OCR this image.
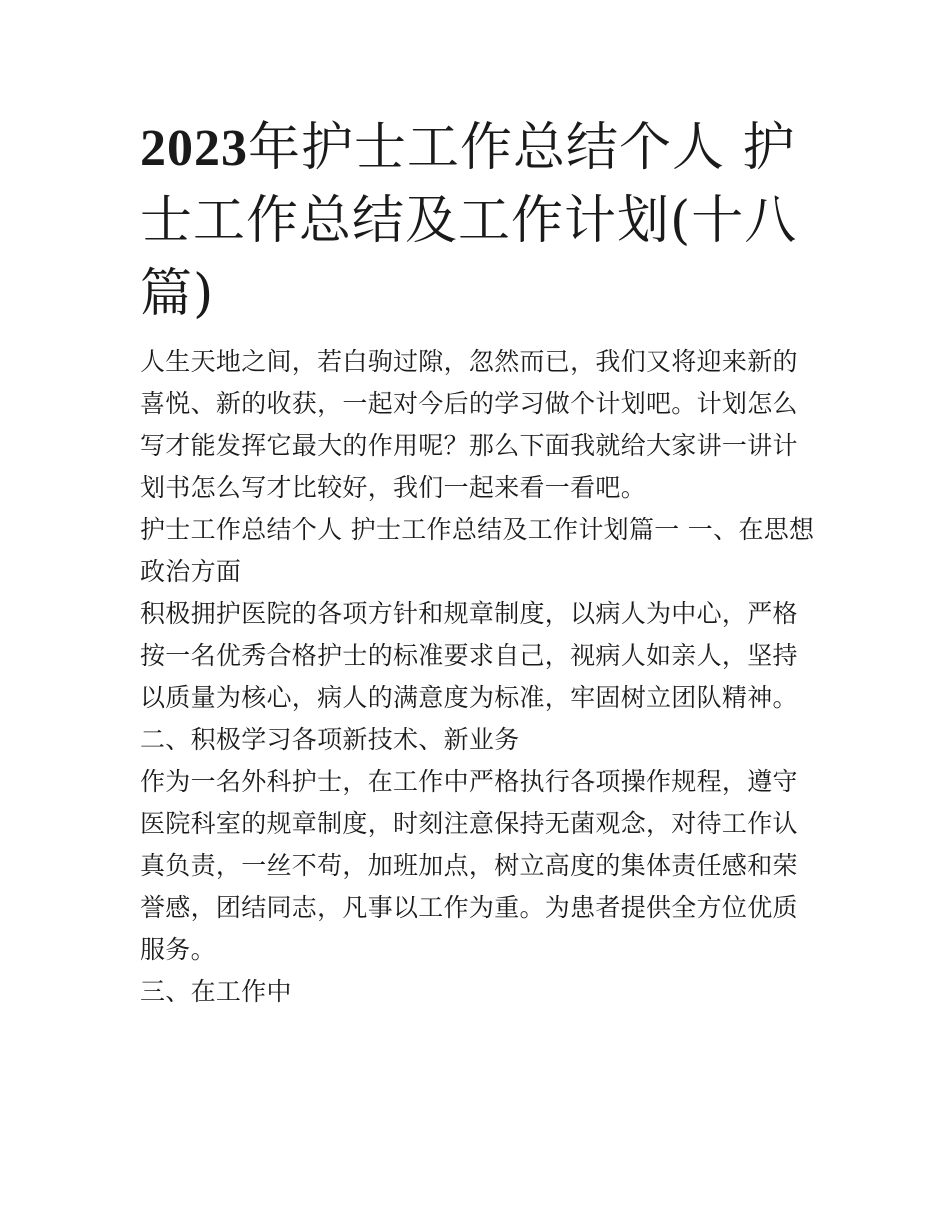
2023年护士工作总结个人 护士工作总结及工作计划(十八篇)

人生天地之间，若白驹过隙，忽然而已，我们又将迎来新的喜悦、新的收获，一起对今后的学习做个计划吧。计划怎么写才能发挥它最大的作用呢？那么下面我就给大家讲一讲计划书怎么写才比较好，我们一起来看一看吧。

护士工作总结个人 护士工作总结及工作计划篇一 一、在思想政治方面

积极拥护医院的各项方针和规章制度，以病人为中心，严格按一名优秀合格护士的标准要求自己，视病人如亲人，坚持以质量为核心，病人的满意度为标准，牢固树立团队精神。

二、积极学习各项新技术、新业务

作为一名外科护士，在工作中严格执行各项操作规程，遵守医院科室的规章制度，时刻注意保持无菌观念，对待工作认真负责，一丝不苟，加班加点，树立高度的集体责任感和荣誉感，团结同志，凡事以工作为重。为患者提供全方位优质服务。

三、在工作中
